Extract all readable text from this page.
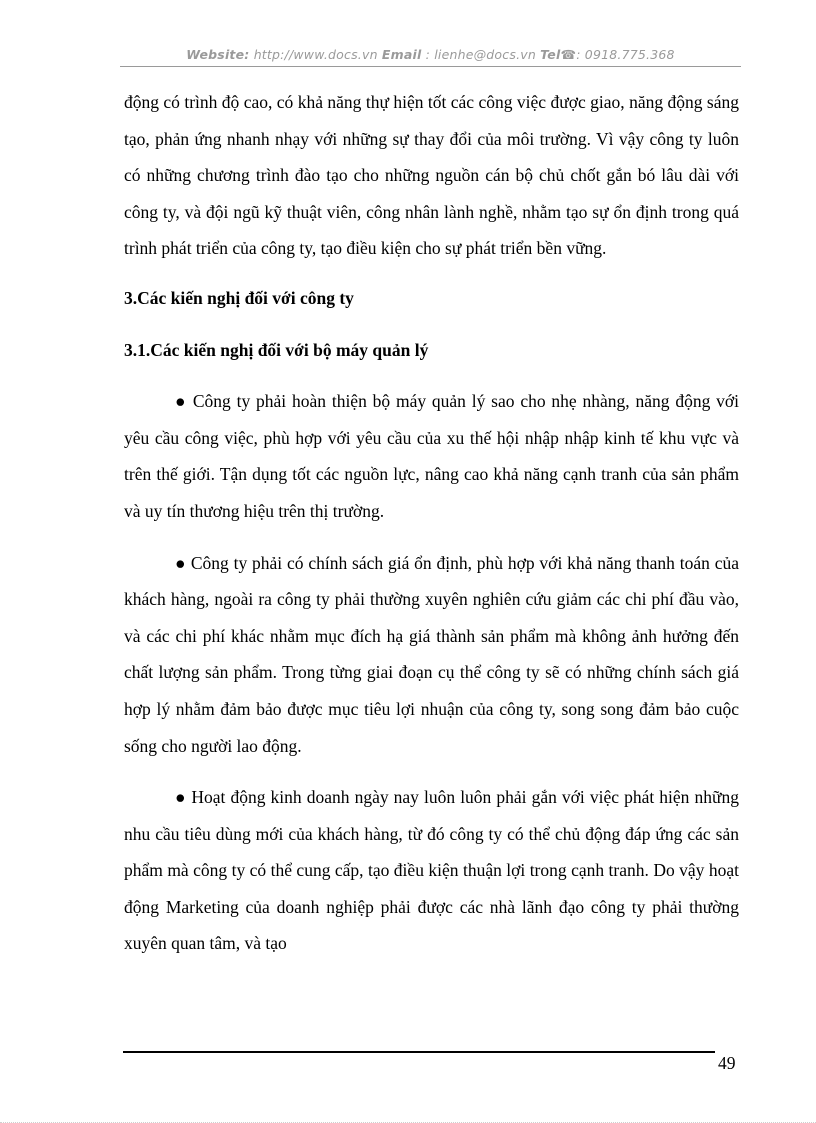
Website: http://www.docs.vn Email : lienhe@docs.vn Tel☎: 0918.775.368

động có trình độ cao, có khả năng thự hiện tốt các công việc được giao, năng động sáng tạo, phản ứng nhanh nhạy với những sự thay đổi của môi trường. Vì vậy công ty luôn có những chương trình đào tạo cho những nguồn cán bộ chủ chốt gắn bó lâu dài với công ty, và đội ngũ kỹ thuật viên, công nhân lành nghề, nhằm tạo sự ổn định trong quá trình phát triển của công ty, tạo điều kiện cho sự phát triển bền vững.

3.Các kiến nghị đối với công ty
3.1.Các kiến nghị đối với bộ máy quản lý

● Công ty phải hoàn thiện bộ máy quản lý sao cho nhẹ nhàng, năng động với yêu cầu công việc, phù hợp với yêu cầu của xu thế hội nhập nhập kinh tế khu vực và trên thế giới. Tận dụng tốt các nguồn lực, nâng cao khả năng cạnh tranh của sản phẩm và uy tín thương hiệu trên thị trường.

● Công ty phải có chính sách giá ổn định, phù hợp với khả năng thanh toán của khách hàng, ngoài ra công ty phải thường xuyên nghiên cứu giảm các chi phí đầu vào, và các chi phí khác nhằm mục đích hạ giá thành sản phẩm mà không ảnh hưởng đến chất lượng sản phẩm. Trong từng giai đoạn cụ thể công ty sẽ có những chính sách giá hợp lý nhằm đảm bảo được mục tiêu lợi nhuận của công ty, song song đảm bảo cuộc sống cho người lao động.

● Hoạt động kinh doanh ngày nay luôn luôn phải gắn với việc phát hiện những nhu cầu tiêu dùng mới của khách hàng, từ đó công ty có thể chủ động đáp ứng các sản phẩm mà công ty có thể cung cấp, tạo điều kiện thuận lợi trong cạnh tranh. Do vậy hoạt động Marketing của doanh nghiệp phải được các nhà lãnh đạo công ty phải thường xuyên quan tâm, và tạo

49
